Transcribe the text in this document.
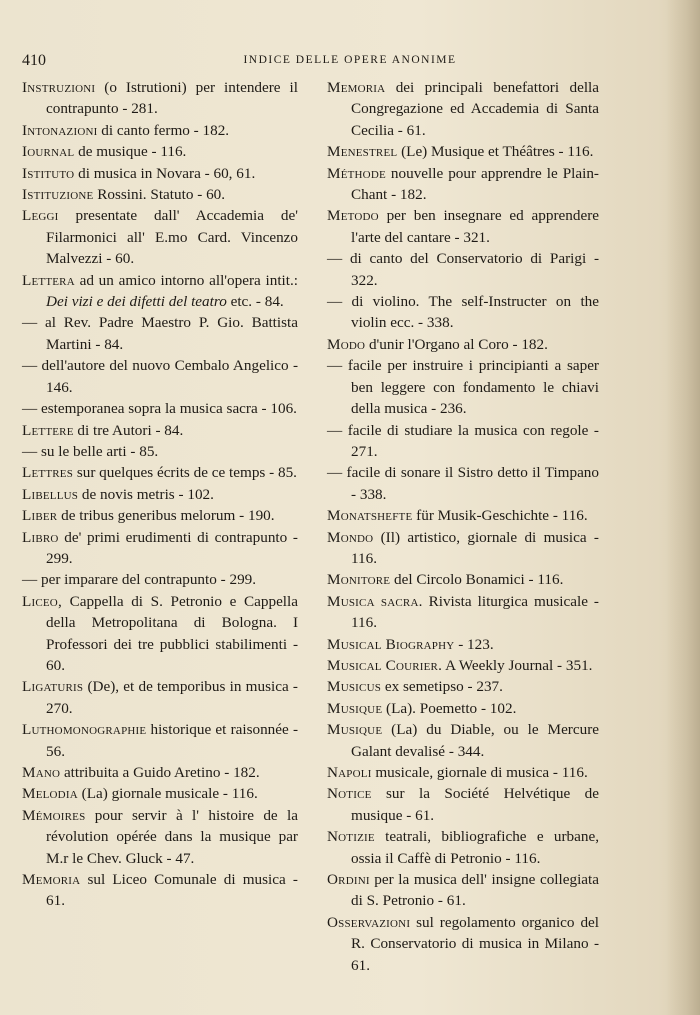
410	INDICE DELLE OPERE ANONIME
Instruzioni (o Istrutioni) per intendere il contrapunto - 281.
Intonazioni di canto fermo - 182.
Iournal de musique - 116.
Istituto di musica in Novara - 60, 61.
Istituzione Rossini. Statuto - 60.
Leggi presentate dall' Accademia de' Filarmonici all' E.mo Card. Vincenzo Malvezzi - 60.
Lettera ad un amico intorno all'opera intit.: Dei vizi e dei difetti del teatro etc. - 84.
— al Rev. Padre Maestro P. Gio. Battista Martini - 84.
— dell'autore del nuovo Cembalo Angelico - 146.
— estemporanea sopra la musica sacra - 106.
Lettere di tre Autori - 84.
— su le belle arti - 85.
Lettres sur quelques écrits de ce temps - 85.
Libellus de novis metris - 102.
Liber de tribus generibus melorum - 190.
Libro de' primi erudimenti di contrapunto - 299.
— per imparare del contrapunto - 299.
Liceo, Cappella di S. Petronio e Cappella della Metropolitana di Bologna. I Professori dei tre pubblici stabilimenti - 60.
Ligaturis (De), et de temporibus in musica - 270.
Luthomonographie historique et raisonnée - 56.
Mano attribuita a Guido Aretino - 182.
Melodia (La) giornale musicale - 116.
Mémoires pour servir à l' histoire de la révolution opérée dans la musique par M.r le Chev. Gluck - 47.
Memoria sul Liceo Comunale di musica - 61.
Memoria dei principali benefattori della Congregazione ed Accademia di Santa Cecilia - 61.
Menestrel (Le) Musique et Théâtres - 116.
Méthode nouvelle pour apprendre le Plain-Chant - 182.
Metodo per ben insegnare ed apprendere l'arte del cantare - 321.
— di canto del Conservatorio di Parigi - 322.
— di violino. The self-Instructer on the violin ecc. - 338.
Modo d'unir l'Organo al Coro - 182.
— facile per instruire i principianti a saper ben leggere con fondamento le chiavi della musica - 236.
— facile di studiare la musica con regole - 271.
— facile di sonare il Sistro detto il Timpano - 338.
Monatshefte für Musik-Geschichte - 116.
Mondo (Il) artistico, giornale di musica - 116.
Monitore del Circolo Bonamici - 116.
Musica sacra. Rivista liturgica musicale - 116.
Musical Biography - 123.
Musical Courier. A Weekly Journal - 351.
Musicus ex semetipso - 237.
Musique (La). Poemetto - 102.
Musique (La) du Diable, ou le Mercure Galant devalisé - 344.
Napoli musicale, giornale di musica - 116.
Notice sur la Société Helvétique de musique - 61.
Notizie teatrali, bibliografiche e urbane, ossia il Caffè di Petronio - 116.
Ordini per la musica dell' insigne collegiata di S. Petronio - 61.
Osservazioni sul regolamento organico del R. Conservatorio di musica in Milano - 61.
